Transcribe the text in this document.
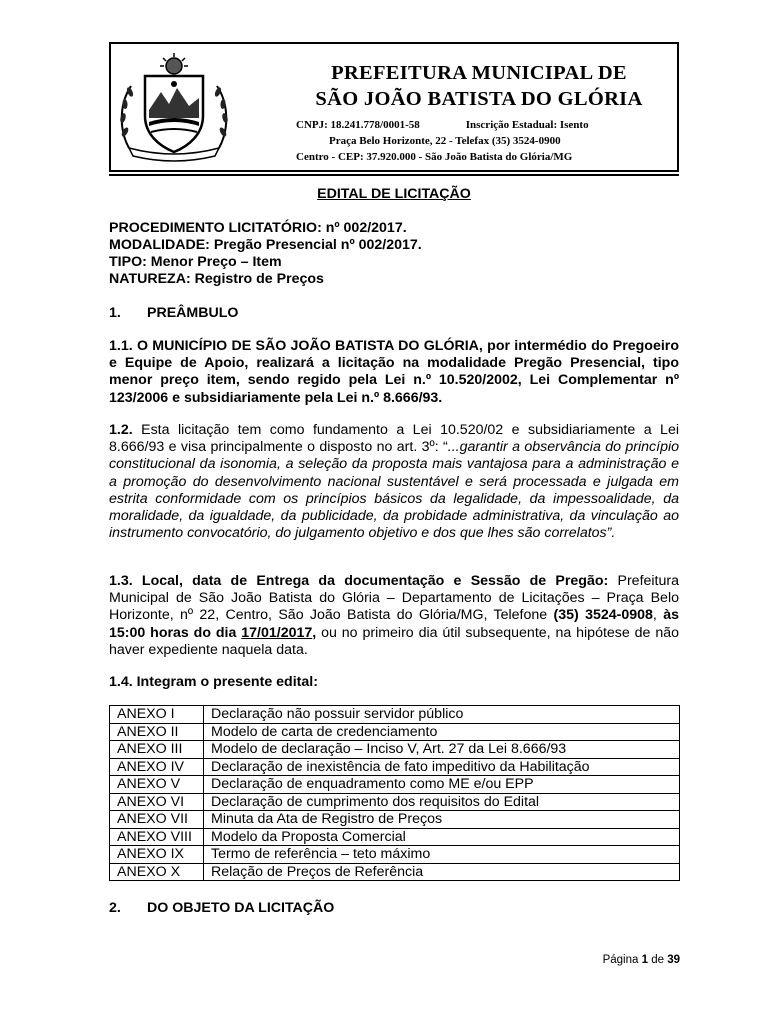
PREFEITURA MUNICIPAL DE
SÃO JOÃO BATISTA DO GLÓRIA
CNPJ: 18.241.778/0001-58	Inscrição Estadual: Isento
Praça Belo Horizonte, 22 - Telefax (35) 3524-0900
Centro - CEP: 37.920.000 - São João Batista do Glória/MG
EDITAL DE LICITAÇÃO
PROCEDIMENTO LICITATÓRIO: nº 002/2017.
MODALIDADE: Pregão Presencial nº 002/2017.
TIPO: Menor Preço – Item
NATUREZA: Registro de Preços
1. PREÂMBULO
1.1. O MUNICÍPIO DE SÃO JOÃO BATISTA DO GLÓRIA, por intermédio do Pregoeiro e Equipe de Apoio, realizará a licitação na modalidade Pregão Presencial, tipo menor preço item, sendo regido pela Lei n.º 10.520/2002, Lei Complementar nº 123/2006 e subsidiariamente pela Lei n.º 8.666/93.
1.2. Esta licitação tem como fundamento a Lei 10.520/02 e subsidiariamente a Lei 8.666/93 e visa principalmente o disposto no art. 3º: “...garantir a observância do princípio constitucional da isonomia, a seleção da proposta mais vantajosa para a administração e a promoção do desenvolvimento nacional sustentável e será processada e julgada em estrita conformidade com os princípios básicos da legalidade, da impessoalidade, da moralidade, da igualdade, da publicidade, da probidade administrativa, da vinculação ao instrumento convocatório, do julgamento objetivo e dos que lhes são correlatos”.
1.3. Local, data de Entrega da documentação e Sessão de Pregão: Prefeitura Municipal de São João Batista do Glória – Departamento de Licitações – Praça Belo Horizonte, nº 22, Centro, São João Batista do Glória/MG, Telefone (35) 3524-0908, às 15:00 horas do dia 17/01/2017, ou no primeiro dia útil subsequente, na hipótese de não haver expediente naquela data.
1.4. Integram o presente edital:
ANEXO I	Declaração não possuir servidor público
ANEXO II	Modelo de carta de credenciamento
ANEXO III	Modelo de declaração – Inciso V, Art. 27 da Lei 8.666/93
ANEXO IV	Declaração de inexistência de fato impeditivo da Habilitação
ANEXO V	Declaração de enquadramento como ME e/ou EPP
ANEXO VI	Declaração de cumprimento dos requisitos do Edital
ANEXO VII	Minuta da Ata de Registro de Preços
ANEXO VIII	Modelo da Proposta Comercial
ANEXO IX	Termo de referência – teto máximo
ANEXO X	Relação de Preços de Referência
2. DO OBJETO DA LICITAÇÃO
Página 1 de 39
